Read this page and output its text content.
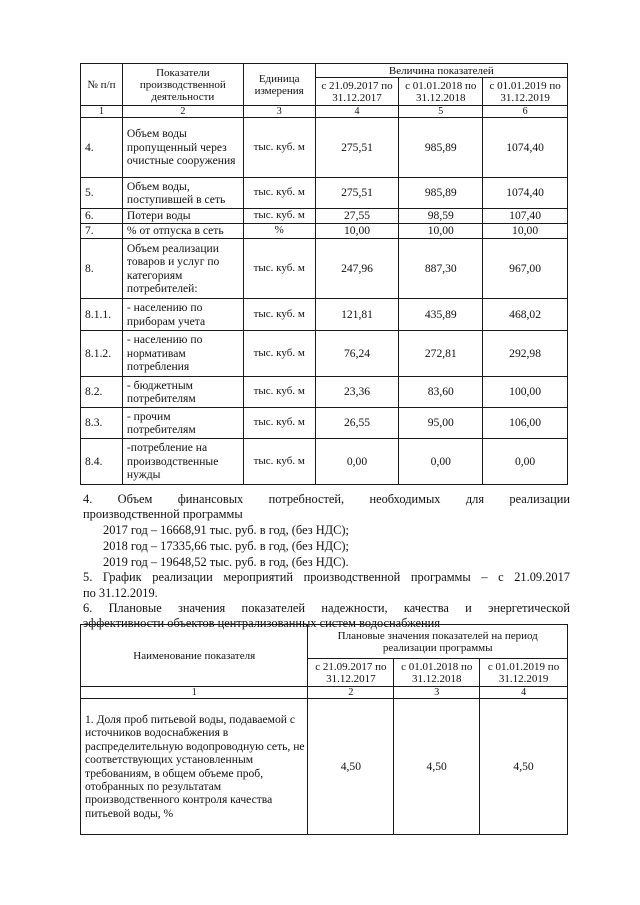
№ п/п	Показатели производственной деятельности	Единица измерения	Величина показателей		
			с 21.09.2017 по 31.12.2017	с 01.01.2018 по 31.12.2018	с 01.01.2019 по 31.12.2019
1	2	3	4	5	6
4.	Объем воды пропущенный через очистные сооружения	тыс. куб. м	275,51	985,89	1074,40
5.	Объем воды, поступившей в сеть	тыс. куб. м	275,51	985,89	1074,40
6.	Потери воды	тыс. куб. м	27,55	98,59	107,40
7.	% от отпуска в сеть	%	10,00	10,00	10,00
8.	Объем реализации товаров и услуг по категориям потребителей:	тыс. куб. м	247,96	887,30	967,00
8.1.1.	- населению по приборам учета	тыс. куб. м	121,81	435,89	468,02
8.1.2.	- населению по нормативам потребления	тыс. куб. м	76,24	272,81	292,98
8.2.	- бюджетным потребителям	тыс. куб. м	23,36	83,60	100,00
8.3.	- прочим потребителям	тыс. куб. м	26,55	95,00	106,00
8.4.	-потребление на производственные нужды	тыс. куб. м	0,00	0,00	0,00
4. Объем финансовых потребностей, необходимых для реализации
производственной программы
2017 год – 16668,91 тыс. руб. в год, (без НДС);
2018 год – 17335,66 тыс. руб. в год, (без НДС);
2019 год – 19648,52 тыс. руб. в год, (без НДС).
5. График реализации мероприятий производственной программы – с 21.09.2017
по 31.12.2019.
6. Плановые значения показателей надежности, качества и энергетической
эффективности объектов централизованных систем водоснабжения
Наименование показателя	Плановые значения показателей на период реализации программы		
	с 21.09.2017 по 31.12.2017	с 01.01.2018 по 31.12.2018	с 01.01.2019 по 31.12.2019
1	2	3	4
1. Доля проб питьевой воды, подаваемой с источников водоснабжения в распределительную водопроводную сеть, не соответствующих установленным требованиям, в общем объеме проб, отобранных по результатам производственного контроля качества питьевой воды, %	4,50	4,50	4,50
